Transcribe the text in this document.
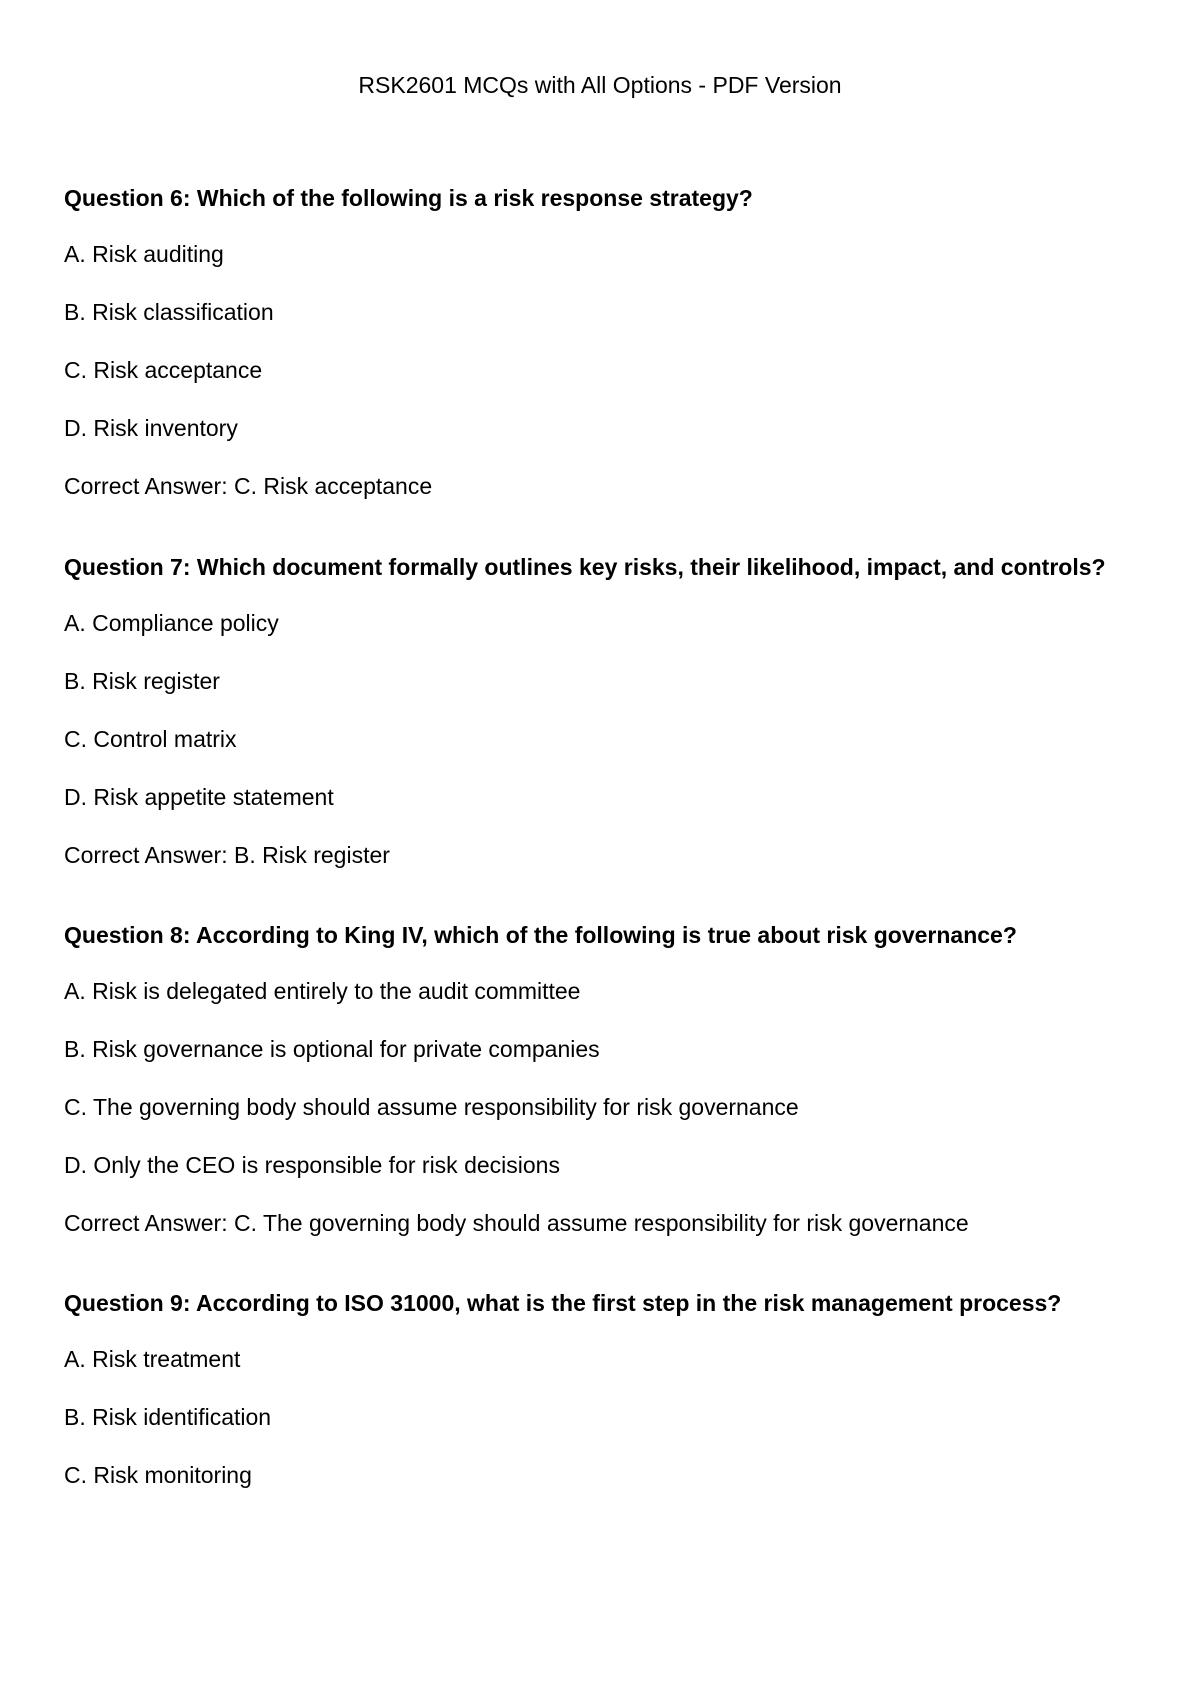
RSK2601 MCQs with All Options - PDF Version

Question 6: Which of the following is a risk response strategy?

A. Risk auditing
B. Risk classification
C. Risk acceptance
D. Risk inventory
Correct Answer: C. Risk acceptance

Question 7: Which document formally outlines key risks, their likelihood, impact, and controls?

A. Compliance policy
B. Risk register
C. Control matrix
D. Risk appetite statement
Correct Answer: B. Risk register

Question 8: According to King IV, which of the following is true about risk governance?

A. Risk is delegated entirely to the audit committee
B. Risk governance is optional for private companies
C. The governing body should assume responsibility for risk governance
D. Only the CEO is responsible for risk decisions
Correct Answer: C. The governing body should assume responsibility for risk governance

Question 9: According to ISO 31000, what is the first step in the risk management process?

A. Risk treatment
B. Risk identification
C. Risk monitoring
